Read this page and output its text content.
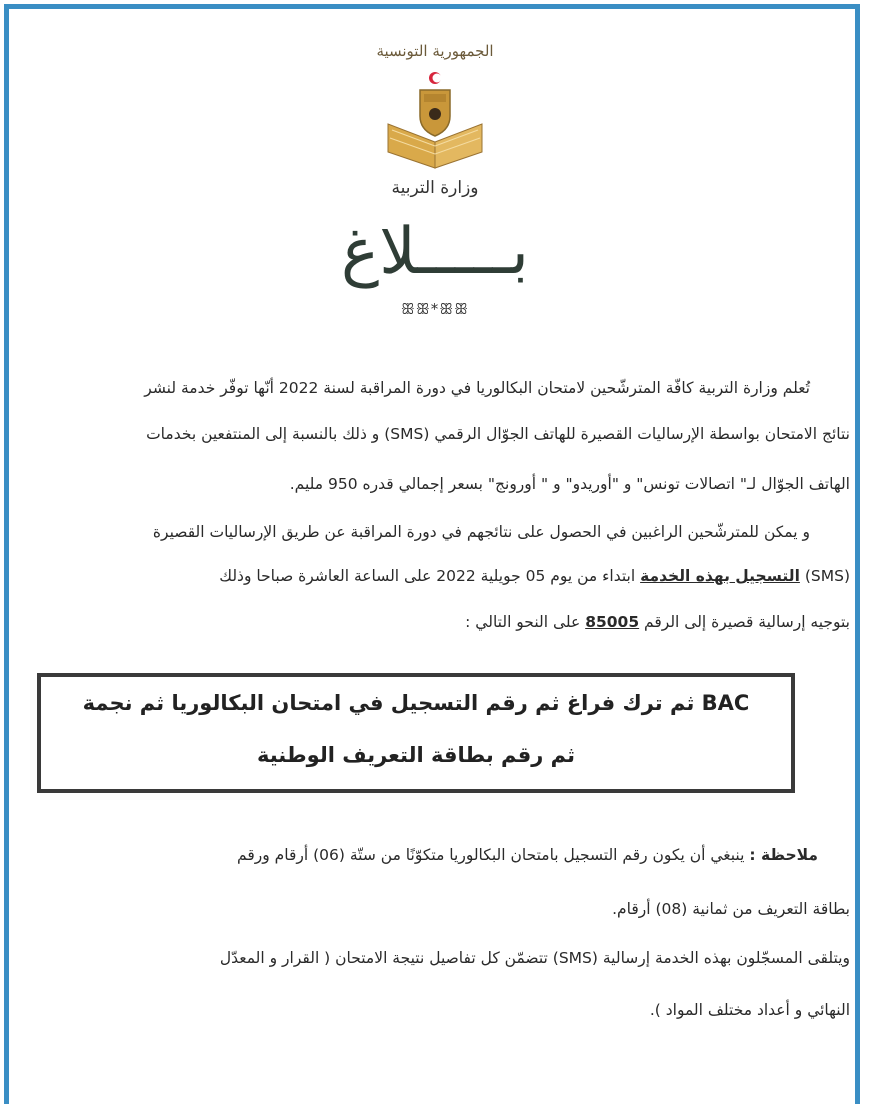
الجمهورية التونسية
وزارة التربية
بـــــلاغ
ꕥꕥ*ꕥꕥ
تُعلم وزارة التربية كافّة المترشّحين لامتحان البكالوريا في دورة المراقبة لسنة 2022 أنّها توفّر خدمة لنشر
نتائج الامتحان بواسطة الإرساليات القصيرة للهاتف الجوّال الرقمي (SMS) و ذلك بالنسبة إلى المنتفعين بخدمات
الهاتف الجوّال لـ" اتصالات تونس" و "أوريدو" و " أورونج" بسعر إجمالي قدره 950 مليم.
و يمكن للمترشّحين الراغبين في الحصول على نتائجهم في دورة المراقبة عن طريق الإرساليات القصيرة
(SMS) التسجيل بهذه الخدمة ابتداء من يوم 05 جويلية 2022 على الساعة العاشرة صباحا وذلك
بتوجيه إرسالية قصيرة إلى الرقم 85005 على النحو التالي :
BAC ثم ترك فراغ ثم رقم التسجيل في امتحان البكالوريا ثم نجمة
ثم رقم بطاقة التعريف الوطنية
ملاحظة : ينبغي أن يكون رقم التسجيل بامتحان البكالوريا متكوّنًا من ستّة (06) أرقام ورقم
بطاقة التعريف من ثمانية (08) أرقام.
ويتلقى المسجّلون بهذه الخدمة إرسالية (SMS) تتضمّن كل تفاصيل نتيجة الامتحان ( القرار و المعدّل
النهائي و أعداد مختلف المواد ).
